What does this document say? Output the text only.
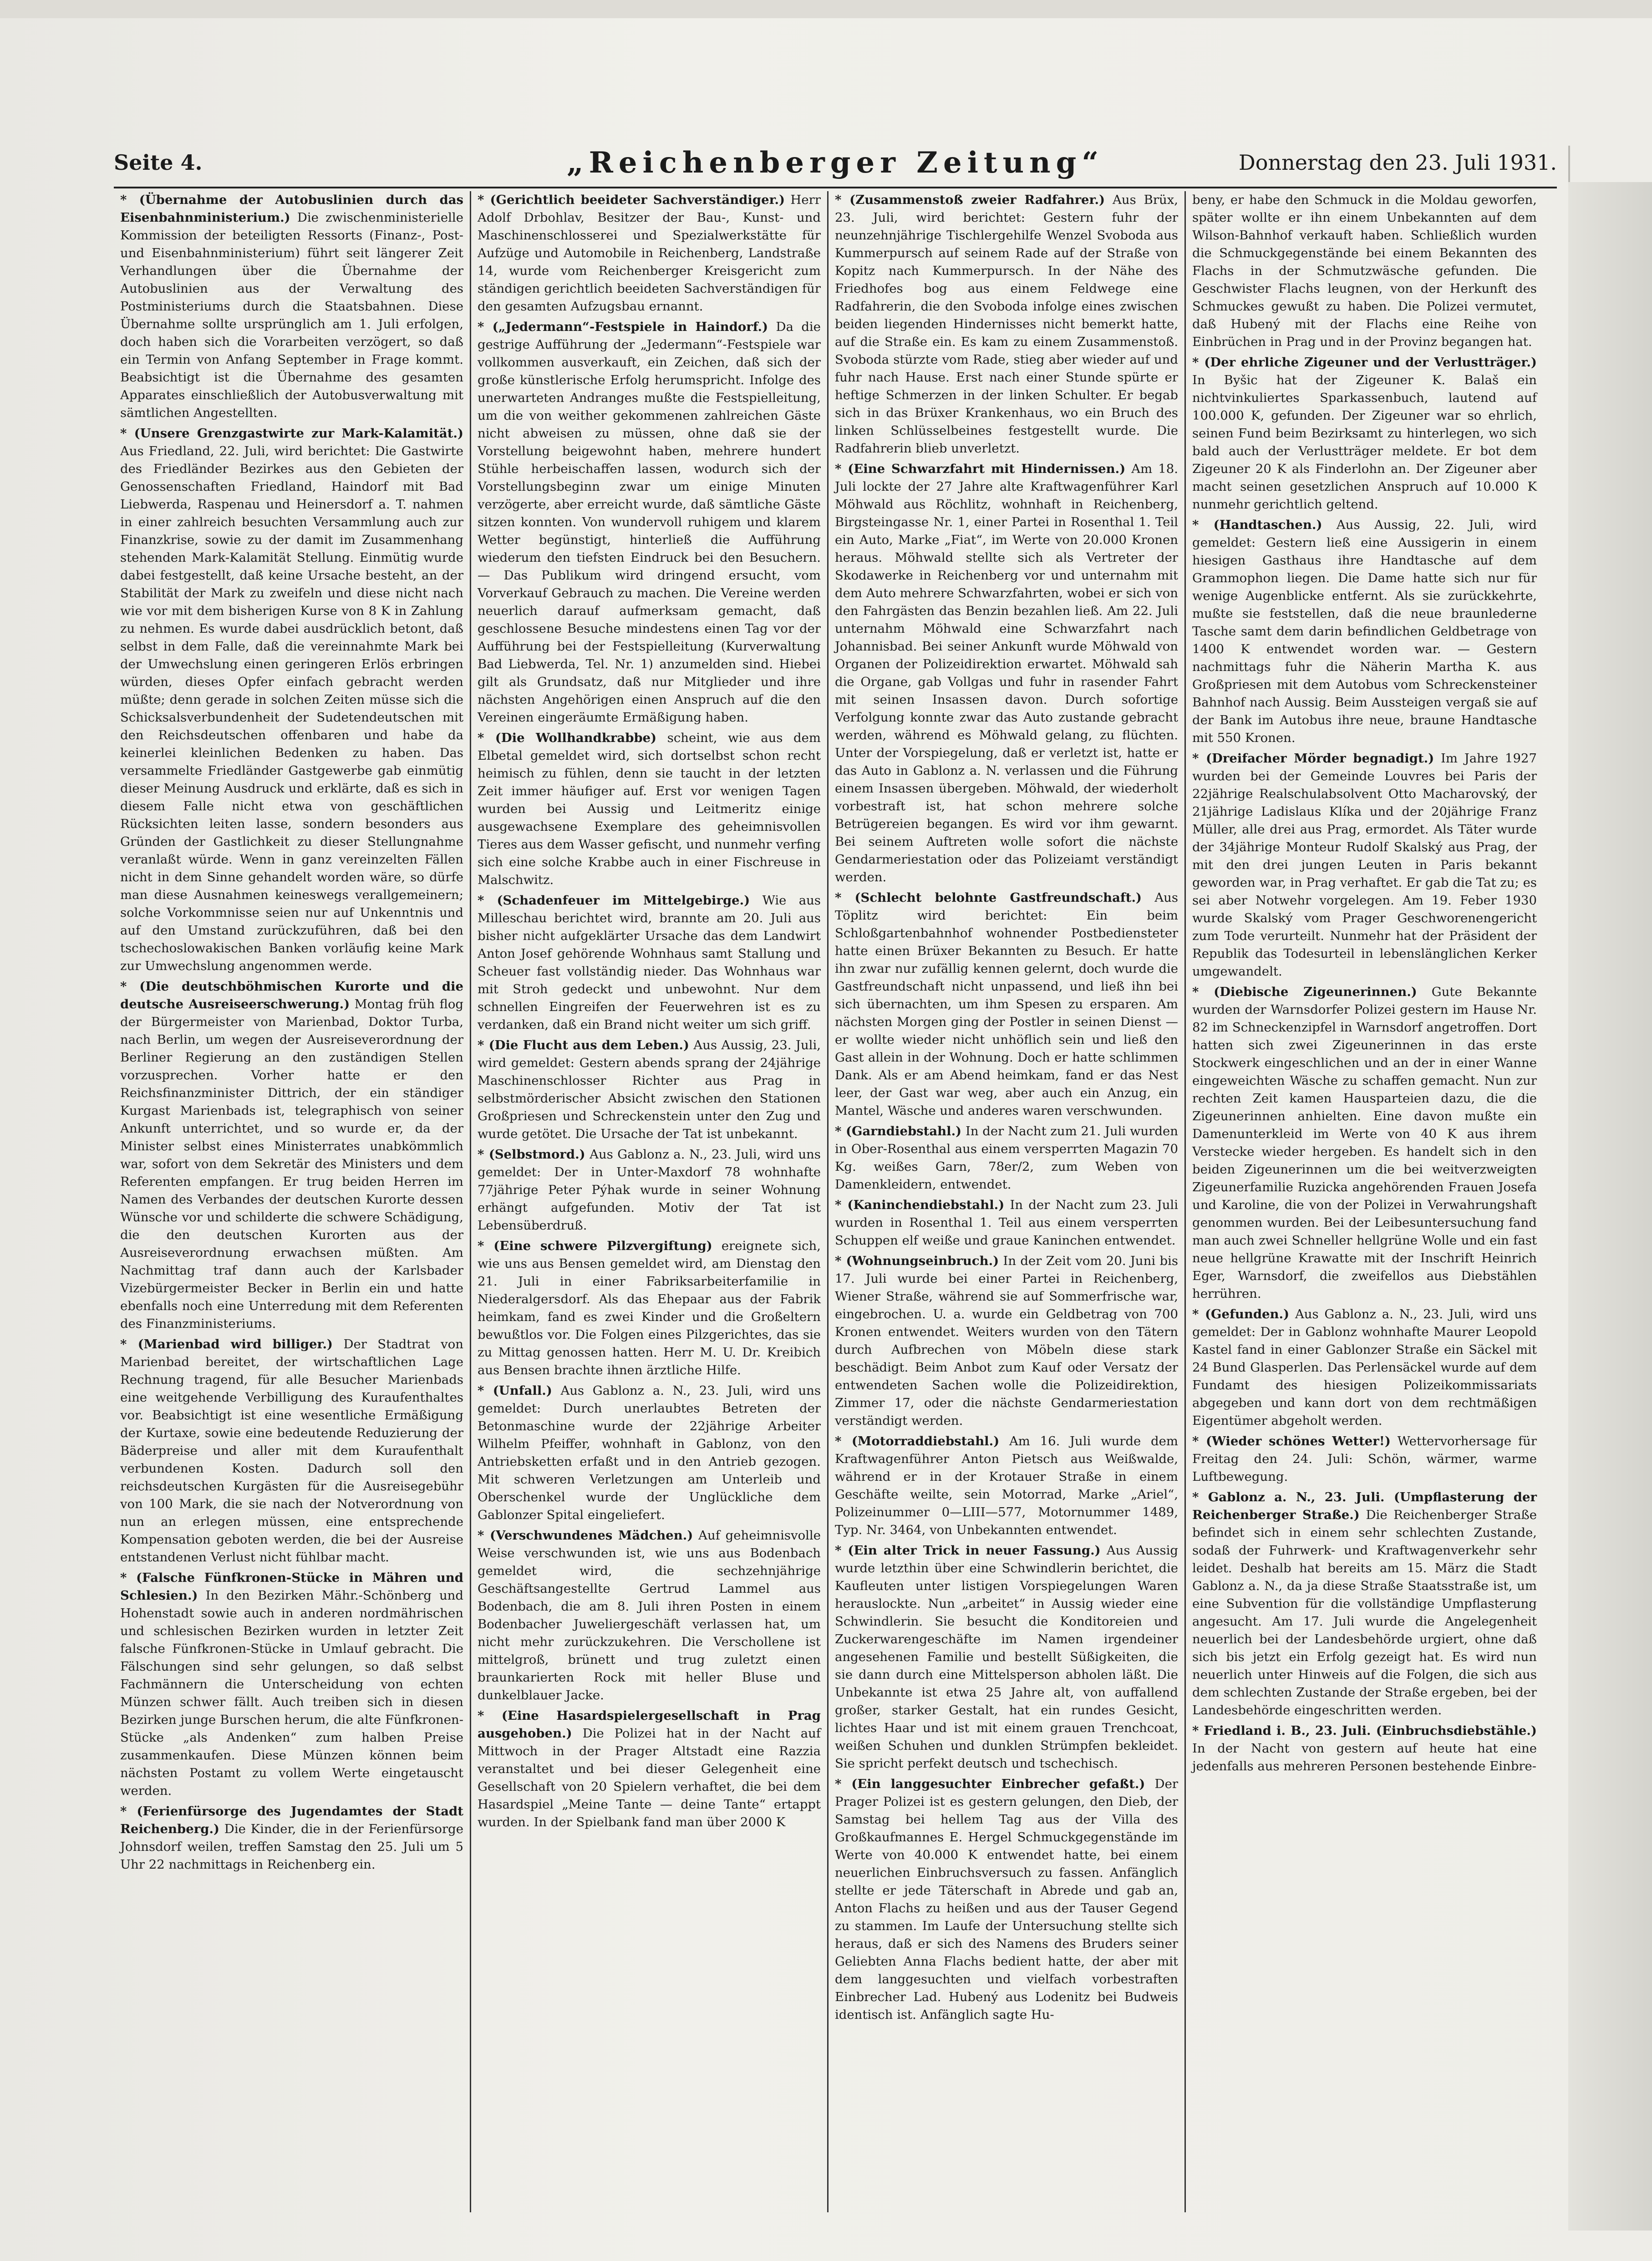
Seite 4.	„Reichenberger Zeitung“	Donnerstag den 23. Juli 1931.
* (Übernahme der Autobuslinien durch das Eisenbahnministerium.) Die zwischenministerielle Kommission der beteiligten Ressorts (Finanz-, Post- und Eisenbahnministerium) führt seit längerer Zeit Verhandlungen über die Übernahme der Autobuslinien aus der Verwaltung des Postministeriums durch die Staatsbahnen. Diese Übernahme sollte ursprünglich am 1. Juli erfolgen, doch haben sich die Vorarbeiten verzögert, so daß ein Termin von Anfang September in Frage kommt. Beabsichtigt ist die Übernahme des gesamten Apparates einschließlich der Autobusverwaltung mit sämtlichen Angestellten.
* (Unsere Grenzgastwirte zur Mark-Kalamität.) Aus Friedland, 22. Juli, wird berichtet: Die Gastwirte des Friedländer Bezirkes aus den Gebieten der Genossenschaften Friedland, Haindorf mit Bad Liebwerda, Raspenau und Heinersdorf a. T. nahmen in einer zahlreich besuchten Versammlung auch zur Finanzkrise, sowie zu der damit im Zusammenhang stehenden Mark-Kalamität Stellung. Einmütig wurde dabei festgestellt, daß keine Ursache besteht, an der Stabilität der Mark zu zweifeln und diese nicht nach wie vor mit dem bisherigen Kurse von 8 K in Zahlung zu nehmen. Es wurde dabei ausdrücklich betont, daß selbst in dem Falle, daß die vereinnahmte Mark bei der Umwechslung einen geringeren Erlös erbringen würden, dieses Opfer einfach gebracht werden müßte; denn gerade in solchen Zeiten müsse sich die Schicksalsverbundenheit der Sudetendeutschen mit den Reichsdeutschen offenbaren und habe da keinerlei kleinlichen Bedenken zu haben. Das versammelte Friedländer Gastgewerbe gab einmütig dieser Meinung Ausdruck und erklärte, daß es sich in diesem Falle nicht etwa von geschäftlichen Rücksichten leiten lasse, sondern besonders aus Gründen der Gastlichkeit zu dieser Stellungnahme veranlaßt würde. Wenn in ganz vereinzelten Fällen nicht in dem Sinne gehandelt worden wäre, so dürfe man diese Ausnahmen keineswegs verallgemeinern; solche Vorkommnisse seien nur auf Unkenntnis und auf den Umstand zurückzuführen, daß bei den tschechoslowakischen Banken vorläufig keine Mark zur Umwechslung angenommen werde.
* (Die deutschböhmischen Kurorte und die deutsche Ausreiseerschwerung.) Montag früh flog der Bürgermeister von Marienbad, Doktor Turba, nach Berlin, um wegen der Ausreiseverordnung der Berliner Regierung an den zuständigen Stellen vorzusprechen. Vorher hatte er den Reichsfinanzminister Dittrich, der ein ständiger Kurgast Marienbads ist, telegraphisch von seiner Ankunft unterrichtet, und so wurde er, da der Minister selbst eines Ministerrates unabkömmlich war, sofort von dem Sekretär des Ministers und dem Referenten empfangen. Er trug beiden Herren im Namen des Verbandes der deutschen Kurorte dessen Wünsche vor und schilderte die schwere Schädigung, die den deutschen Kurorten aus der Ausreiseverordnung erwachsen müßten. Am Nachmittag traf dann auch der Karlsbader Vizebürgermeister Becker in Berlin ein und hatte ebenfalls noch eine Unterredung mit dem Referenten des Finanzministeriums.
* (Marienbad wird billiger.) Der Stadtrat von Marienbad bereitet, der wirtschaftlichen Lage Rechnung tragend, für alle Besucher Marienbads eine weitgehende Verbilligung des Kuraufenthaltes vor. Beabsichtigt ist eine wesentliche Ermäßigung der Kurtaxe, sowie eine bedeutende Reduzierung der Bäderpreise und aller mit dem Kuraufenthalt verbundenen Kosten. Dadurch soll den reichsdeutschen Kurgästen für die Ausreisegebühr von 100 Mark, die sie nach der Notverordnung von nun an erlegen müssen, eine entsprechende Kompensation geboten werden, die bei der Ausreise entstandenen Verlust nicht fühlbar macht.
* (Falsche Fünfkronen-Stücke in Mähren und Schlesien.) In den Bezirken Mähr.-Schönberg und Hohenstadt sowie auch in anderen nordmährischen und schlesischen Bezirken wurden in letzter Zeit falsche Fünfkronen-Stücke in Umlauf gebracht. Die Fälschungen sind sehr gelungen, so daß selbst Fachmännern die Unterscheidung von echten Münzen schwer fällt. Auch treiben sich in diesen Bezirken junge Burschen herum, die alte Fünfkronen-Stücke „als Andenken“ zum halben Preise zusammenkaufen. Diese Münzen können beim nächsten Postamt zu vollem Werte eingetauscht werden.
* (Ferienfürsorge des Jugendamtes der Stadt Reichenberg.) Die Kinder, die in der Ferienfürsorge Johnsdorf weilen, treffen Samstag den 25. Juli um 5 Uhr 22 nachmittags in Reichenberg ein.
* (Gerichtlich beeideter Sachverständiger.) Herr Adolf Drbohlav, Besitzer der Bau-, Kunst- und Maschinenschlosserei und Spezialwerkstätte für Aufzüge und Automobile in Reichenberg, Landstraße 14, wurde vom Reichenberger Kreisgericht zum ständigen gerichtlich beeideten Sachverständigen für den gesamten Aufzugsbau ernannt.
* („Jedermann“-Festspiele in Haindorf.) Da die gestrige Aufführung der „Jedermann“-Festspiele war vollkommen ausverkauft, ein Zeichen, daß sich der große künstlerische Erfolg herumspricht. Infolge des unerwarteten Andranges mußte die Festspielleitung, um die von weither gekommenen zahlreichen Gäste nicht abweisen zu müssen, ohne daß sie der Vorstellung beigewohnt haben, mehrere hundert Stühle herbeischaffen lassen, wodurch sich der Vorstellungsbeginn zwar um einige Minuten verzögerte, aber erreicht wurde, daß sämtliche Gäste sitzen konnten. Von wundervoll ruhigem und klarem Wetter begünstigt, hinterließ die Aufführung wiederum den tiefsten Eindruck bei den Besuchern. — Das Publikum wird dringend ersucht, vom Vorverkauf Gebrauch zu machen. Die Vereine werden neuerlich darauf aufmerksam gemacht, daß geschlossene Besuche mindestens einen Tag vor der Aufführung bei der Festspielleitung (Kurverwaltung Bad Liebwerda, Tel. Nr. 1) anzumelden sind. Hiebei gilt als Grundsatz, daß nur Mitglieder und ihre nächsten Angehörigen einen Anspruch auf die den Vereinen eingeräumte Ermäßigung haben.
* (Die Wollhandkrabbe) scheint, wie aus dem Elbetal gemeldet wird, sich dortselbst schon recht heimisch zu fühlen, denn sie taucht in der letzten Zeit immer häufiger auf. Erst vor wenigen Tagen wurden bei Aussig und Leitmeritz einige ausgewachsene Exemplare des geheimnisvollen Tieres aus dem Wasser gefischt, und nunmehr verfing sich eine solche Krabbe auch in einer Fischreuse in Malschwitz.
* (Schadenfeuer im Mittelgebirge.) Wie aus Milleschau berichtet wird, brannte am 20. Juli aus bisher nicht aufgeklärter Ursache das dem Landwirt Anton Josef gehörende Wohnhaus samt Stallung und Scheuer fast vollständig nieder. Das Wohnhaus war mit Stroh gedeckt und unbewohnt. Nur dem schnellen Eingreifen der Feuerwehren ist es zu verdanken, daß ein Brand nicht weiter um sich griff.
* (Die Flucht aus dem Leben.) Aus Aussig, 23. Juli, wird gemeldet: Gestern abends sprang der 24jährige Maschinenschlosser Richter aus Prag in selbstmörderischer Absicht zwischen den Stationen Großpriesen und Schreckenstein unter den Zug und wurde getötet. Die Ursache der Tat ist unbekannt.
* (Selbstmord.) Aus Gablonz a. N., 23. Juli, wird uns gemeldet: Der in Unter-Maxdorf 78 wohnhafte 77jährige Peter Pýhak wurde in seiner Wohnung erhängt aufgefunden. Motiv der Tat ist Lebensüberdruß.
* (Eine schwere Pilzvergiftung) ereignete sich, wie uns aus Bensen gemeldet wird, am Dienstag den 21. Juli in einer Fabriksarbeiterfamilie in Niederalgersdorf. Als das Ehepaar aus der Fabrik heimkam, fand es zwei Kinder und die Großeltern bewußtlos vor. Die Folgen eines Pilzgerichtes, das sie zu Mittag genossen hatten. Herr M. U. Dr. Kreibich aus Bensen brachte ihnen ärztliche Hilfe.
* (Unfall.) Aus Gablonz a. N., 23. Juli, wird uns gemeldet: Durch unerlaubtes Betreten der Betonmaschine wurde der 22jährige Arbeiter Wilhelm Pfeiffer, wohnhaft in Gablonz, von den Antriebsketten erfaßt und in den Antrieb gezogen. Mit schweren Verletzungen am Unterleib und Oberschenkel wurde der Unglückliche dem Gablonzer Spital eingeliefert.
* (Verschwundenes Mädchen.) Auf geheimnisvolle Weise verschwunden ist, wie uns aus Bodenbach gemeldet wird, die sechzehnjährige Geschäftsangestellte Gertrud Lammel aus Bodenbach, die am 8. Juli ihren Posten in einem Bodenbacher Juweliergeschäft verlassen hat, um nicht mehr zurückzukehren. Die Verschollene ist mittelgroß, brünett und trug zuletzt einen braunkarierten Rock mit heller Bluse und dunkelblauer Jacke.
* (Eine Hasardspielergesellschaft in Prag ausgehoben.) Die Polizei hat in der Nacht auf Mittwoch in der Prager Altstadt eine Razzia veranstaltet und bei dieser Gelegenheit eine Gesellschaft von 20 Spielern verhaftet, die bei dem Hasardspiel „Meine Tante — deine Tante“ ertappt wurden. In der Spielbank fand man über 2000 K
* (Zusammenstoß zweier Radfahrer.) Aus Brüx, 23. Juli, wird berichtet: Gestern fuhr der neunzehnjährige Tischlergehilfe Wenzel Svoboda aus Kummerpursch auf seinem Rade auf der Straße von Kopitz nach Kummerpursch. In der Nähe des Friedhofes bog aus einem Feldwege eine Radfahrerin, die den Svoboda infolge eines zwischen beiden liegenden Hindernisses nicht bemerkt hatte, auf die Straße ein. Es kam zu einem Zusammenstoß. Svoboda stürzte vom Rade, stieg aber wieder auf und fuhr nach Hause. Erst nach einer Stunde spürte er heftige Schmerzen in der linken Schulter. Er begab sich in das Brüxer Krankenhaus, wo ein Bruch des linken Schlüsselbeines festgestellt wurde. Die Radfahrerin blieb unverletzt.
* (Eine Schwarzfahrt mit Hindernissen.) Am 18. Juli lockte der 27 Jahre alte Kraftwagenführer Karl Möhwald aus Röchlitz, wohnhaft in Reichenberg, Birgsteingasse Nr. 1, einer Partei in Rosenthal 1. Teil ein Auto, Marke „Fiat“, im Werte von 20.000 Kronen heraus. Möhwald stellte sich als Vertreter der Skodawerke in Reichenberg vor und unternahm mit dem Auto mehrere Schwarzfahrten, wobei er sich von den Fahrgästen das Benzin bezahlen ließ. Am 22. Juli unternahm Möhwald eine Schwarzfahrt nach Johannisbad. Bei seiner Ankunft wurde Möhwald von Organen der Polizeidirektion erwartet. Möhwald sah die Organe, gab Vollgas und fuhr in rasender Fahrt mit seinen Insassen davon. Durch sofortige Verfolgung konnte zwar das Auto zustande gebracht werden, während es Möhwald gelang, zu flüchten. Unter der Vorspiegelung, daß er verletzt ist, hatte er das Auto in Gablonz a. N. verlassen und die Führung einem Insassen übergeben. Möhwald, der wiederholt vorbestraft ist, hat schon mehrere solche Betrügereien begangen. Es wird vor ihm gewarnt. Bei seinem Auftreten wolle sofort die nächste Gendarmeriestation oder das Polizeiamt verständigt werden.
* (Schlecht belohnte Gastfreundschaft.) Aus Töplitz wird berichtet: Ein beim Schloßgartenbahnhof wohnender Postbediensteter hatte einen Brüxer Bekannten zu Besuch. Er hatte ihn zwar nur zufällig kennen gelernt, doch wurde die Gastfreundschaft nicht unpassend, und ließ ihn bei sich übernachten, um ihm Spesen zu ersparen. Am nächsten Morgen ging der Postler in seinen Dienst — er wollte wieder nicht unhöflich sein und ließ den Gast allein in der Wohnung. Doch er hatte schlimmen Dank. Als er am Abend heimkam, fand er das Nest leer, der Gast war weg, aber auch ein Anzug, ein Mantel, Wäsche und anderes waren verschwunden.
* (Garndiebstahl.) In der Nacht zum 21. Juli wurden in Ober-Rosenthal aus einem versperrten Magazin 70 Kg. weißes Garn, 78er/2, zum Weben von Damenkleidern, entwendet.
* (Kaninchendiebstahl.) In der Nacht zum 23. Juli wurden in Rosenthal 1. Teil aus einem versperrten Schuppen elf weiße und graue Kaninchen entwendet.
* (Wohnungseinbruch.) In der Zeit vom 20. Juni bis 17. Juli wurde bei einer Partei in Reichenberg, Wiener Straße, während sie auf Sommerfrische war, eingebrochen. U. a. wurde ein Geldbetrag von 700 Kronen entwendet. Weiters wurden von den Tätern durch Aufbrechen von Möbeln diese stark beschädigt. Beim Anbot zum Kauf oder Versatz der entwendeten Sachen wolle die Polizeidirektion, Zimmer 17, oder die nächste Gendarmeriestation verständigt werden.
* (Motorraddiebstahl.) Am 16. Juli wurde dem Kraftwagenführer Anton Pietsch aus Weißwalde, während er in der Krotauer Straße in einem Geschäfte weilte, sein Motorrad, Marke „Ariel“, Polizeinummer 0—LIII—577, Motornummer 1489, Typ. Nr. 3464, von Unbekannten entwendet.
* (Ein alter Trick in neuer Fassung.) Aus Aussig wurde letzthin über eine Schwindlerin berichtet, die Kaufleuten unter listigen Vorspiegelungen Waren herauslockte. Nun „arbeitet“ in Aussig wieder eine Schwindlerin. Sie besucht die Konditoreien und Zuckerwarengeschäfte im Namen irgendeiner angesehenen Familie und bestellt Süßigkeiten, die sie dann durch eine Mittelsperson abholen läßt. Die Unbekannte ist etwa 25 Jahre alt, von auffallend großer, starker Gestalt, hat ein rundes Gesicht, lichtes Haar und ist mit einem grauen Trenchcoat, weißen Schuhen und dunklen Strümpfen bekleidet. Sie spricht perfekt deutsch und tschechisch.
* (Ein langgesuchter Einbrecher gefaßt.) Der Prager Polizei ist es gestern gelungen, den Dieb, der Samstag bei hellem Tag aus der Villa des Großkaufmannes E. Hergel Schmuckgegenstände im Werte von 40.000 K entwendet hatte, bei einem neuerlichen Einbruchsversuch zu fassen. Anfänglich stellte er jede Täterschaft in Abrede und gab an, Anton Flachs zu heißen und aus der Tauser Gegend zu stammen. Im Laufe der Untersuchung stellte sich heraus, daß er sich des Namens des Bruders seiner Geliebten Anna Flachs bedient hatte, der aber mit dem langgesuchten und vielfach vorbestraften Einbrecher Lad. Hubený aus Lodenitz bei Budweis identisch ist. Anfänglich sagte Hu-
beny, er habe den Schmuck in die Moldau geworfen, später wollte er ihn einem Unbekannten auf dem Wilson-Bahnhof verkauft haben. Schließlich wurden die Schmuckgegenstände bei einem Bekannten des Flachs in der Schmutzwäsche gefunden. Die Geschwister Flachs leugnen, von der Herkunft des Schmuckes gewußt zu haben. Die Polizei vermutet, daß Hubený mit der Flachs eine Reihe von Einbrüchen in Prag und in der Provinz begangen hat.
* (Der ehrliche Zigeuner und der Verlustträger.) In Byšic hat der Zigeuner K. Balaš ein nichtvinkuliertes Sparkassenbuch, lautend auf 100.000 K, gefunden. Der Zigeuner war so ehrlich, seinen Fund beim Bezirksamt zu hinterlegen, wo sich bald auch der Verlustträger meldete. Er bot dem Zigeuner 20 K als Finderlohn an. Der Zigeuner aber macht seinen gesetzlichen Anspruch auf 10.000 K nunmehr gerichtlich geltend.
* (Handtaschen.) Aus Aussig, 22. Juli, wird gemeldet: Gestern ließ eine Aussigerin in einem hiesigen Gasthaus ihre Handtasche auf dem Grammophon liegen. Die Dame hatte sich nur für wenige Augenblicke entfernt. Als sie zurückkehrte, mußte sie feststellen, daß die neue braunlederne Tasche samt dem darin befindlichen Geldbetrage von 1400 K entwendet worden war. — Gestern nachmittags fuhr die Näherin Martha K. aus Großpriesen mit dem Autobus vom Schreckensteiner Bahnhof nach Aussig. Beim Aussteigen vergaß sie auf der Bank im Autobus ihre neue, braune Handtasche mit 550 Kronen.
* (Dreifacher Mörder begnadigt.) Im Jahre 1927 wurden bei der Gemeinde Louvres bei Paris der 22jährige Realschulabsolvent Otto Macharovský, der 21jährige Ladislaus Klíka und der 20jährige Franz Müller, alle drei aus Prag, ermordet. Als Täter wurde der 34jährige Monteur Rudolf Skalský aus Prag, der mit den drei jungen Leuten in Paris bekannt geworden war, in Prag verhaftet. Er gab die Tat zu; es sei aber Notwehr vorgelegen. Am 19. Feber 1930 wurde Skalský vom Prager Geschworenengericht zum Tode verurteilt. Nunmehr hat der Präsident der Republik das Todesurteil in lebenslänglichen Kerker umgewandelt.
* (Diebische Zigeunerinnen.) Gute Bekannte wurden der Warnsdorfer Polizei gestern im Hause Nr. 82 im Schneckenzipfel in Warnsdorf angetroffen. Dort hatten sich zwei Zigeunerinnen in das erste Stockwerk eingeschlichen und an der in einer Wanne eingeweichten Wäsche zu schaffen gemacht. Nun zur rechten Zeit kamen Hausparteien dazu, die die Zigeunerinnen anhielten. Eine davon mußte ein Damenunterkleid im Werte von 40 K aus ihrem Verstecke wieder hergeben. Es handelt sich in den beiden Zigeunerinnen um die bei weitverzweigten Zigeunerfamilie Ruzicka angehörenden Frauen Josefa und Karoline, die von der Polizei in Verwahrungshaft genommen wurden. Bei der Leibesuntersuchung fand man auch zwei Schneller hellgrüne Wolle und ein fast neue hellgrüne Krawatte mit der Inschrift Heinrich Eger, Warnsdorf, die zweifellos aus Diebstählen herrühren.
* (Gefunden.) Aus Gablonz a. N., 23. Juli, wird uns gemeldet: Der in Gablonz wohnhafte Maurer Leopold Kastel fand in einer Gablonzer Straße ein Säckel mit 24 Bund Glasperlen. Das Perlensäckel wurde auf dem Fundamt des hiesigen Polizeikommissariats abgegeben und kann dort von dem rechtmäßigen Eigentümer abgeholt werden.
* (Wieder schönes Wetter!) Wettervorhersage für Freitag den 24. Juli: Schön, wärmer, warme Luftbewegung.
* Gablonz a. N., 23. Juli. (Umpflasterung der Reichenberger Straße.) Die Reichenberger Straße befindet sich in einem sehr schlechten Zustande, sodaß der Fuhrwerk- und Kraftwagenverkehr sehr leidet. Deshalb hat bereits am 15. März die Stadt Gablonz a. N., da ja diese Straße Staatsstraße ist, um eine Subvention für die vollständige Umpflasterung angesucht. Am 17. Juli wurde die Angelegenheit neuerlich bei der Landesbehörde urgiert, ohne daß sich bis jetzt ein Erfolg gezeigt hat. Es wird nun neuerlich unter Hinweis auf die Folgen, die sich aus dem schlechten Zustande der Straße ergeben, bei der Landesbehörde eingeschritten werden.
* Friedland i. B., 23. Juli. (Einbruchsdiebstähle.) In der Nacht von gestern auf heute hat eine jedenfalls aus mehreren Personen bestehende Einbre-
